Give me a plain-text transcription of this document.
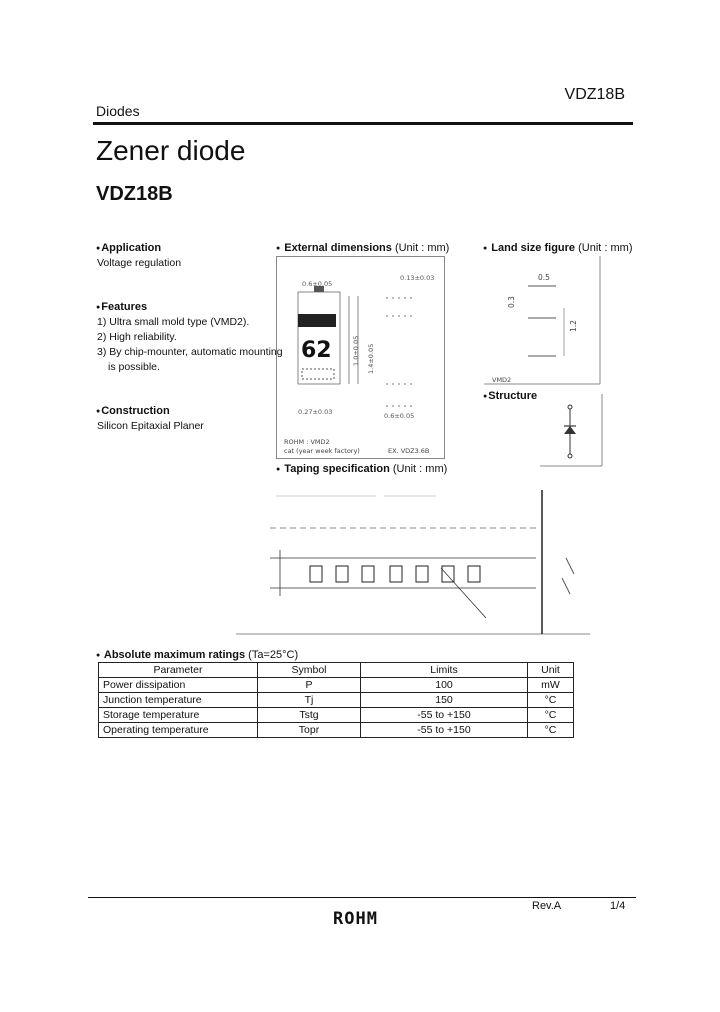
VDZ18B
Diodes
Zener diode
VDZ18B
● Application
Voltage regulation
● Features
1) Ultra small mold type (VMD2).
2) High reliability.
3) By chip-mounter, automatic mounting
is possible.
● Construction
Silicon Epitaxial Planer
● External dimensions (Unit : mm)
62
0.6±0.05
0.13±0.03
1.0±0.05 1.4±0.05
0.27±0.03	0.6±0.05
ROHM : VMD2
cat (year week factory)	EX. VDZ3.6B
● Land size figure (Unit : mm)
0.5
0.3
1.2
VMD2
● Structure
● Taping specification (Unit : mm)
● Absolute maximum ratings (Ta=25°C)
Parameter	Symbol	Limits	Unit
Power dissipation	P	100	mW
Junction temperature	Tj	150	°C
Storage temperature	Tstg	-55 to +150	°C
Operating temperature	Topr	-55 to +150	°C
Rev.A	1/4
ROHM
